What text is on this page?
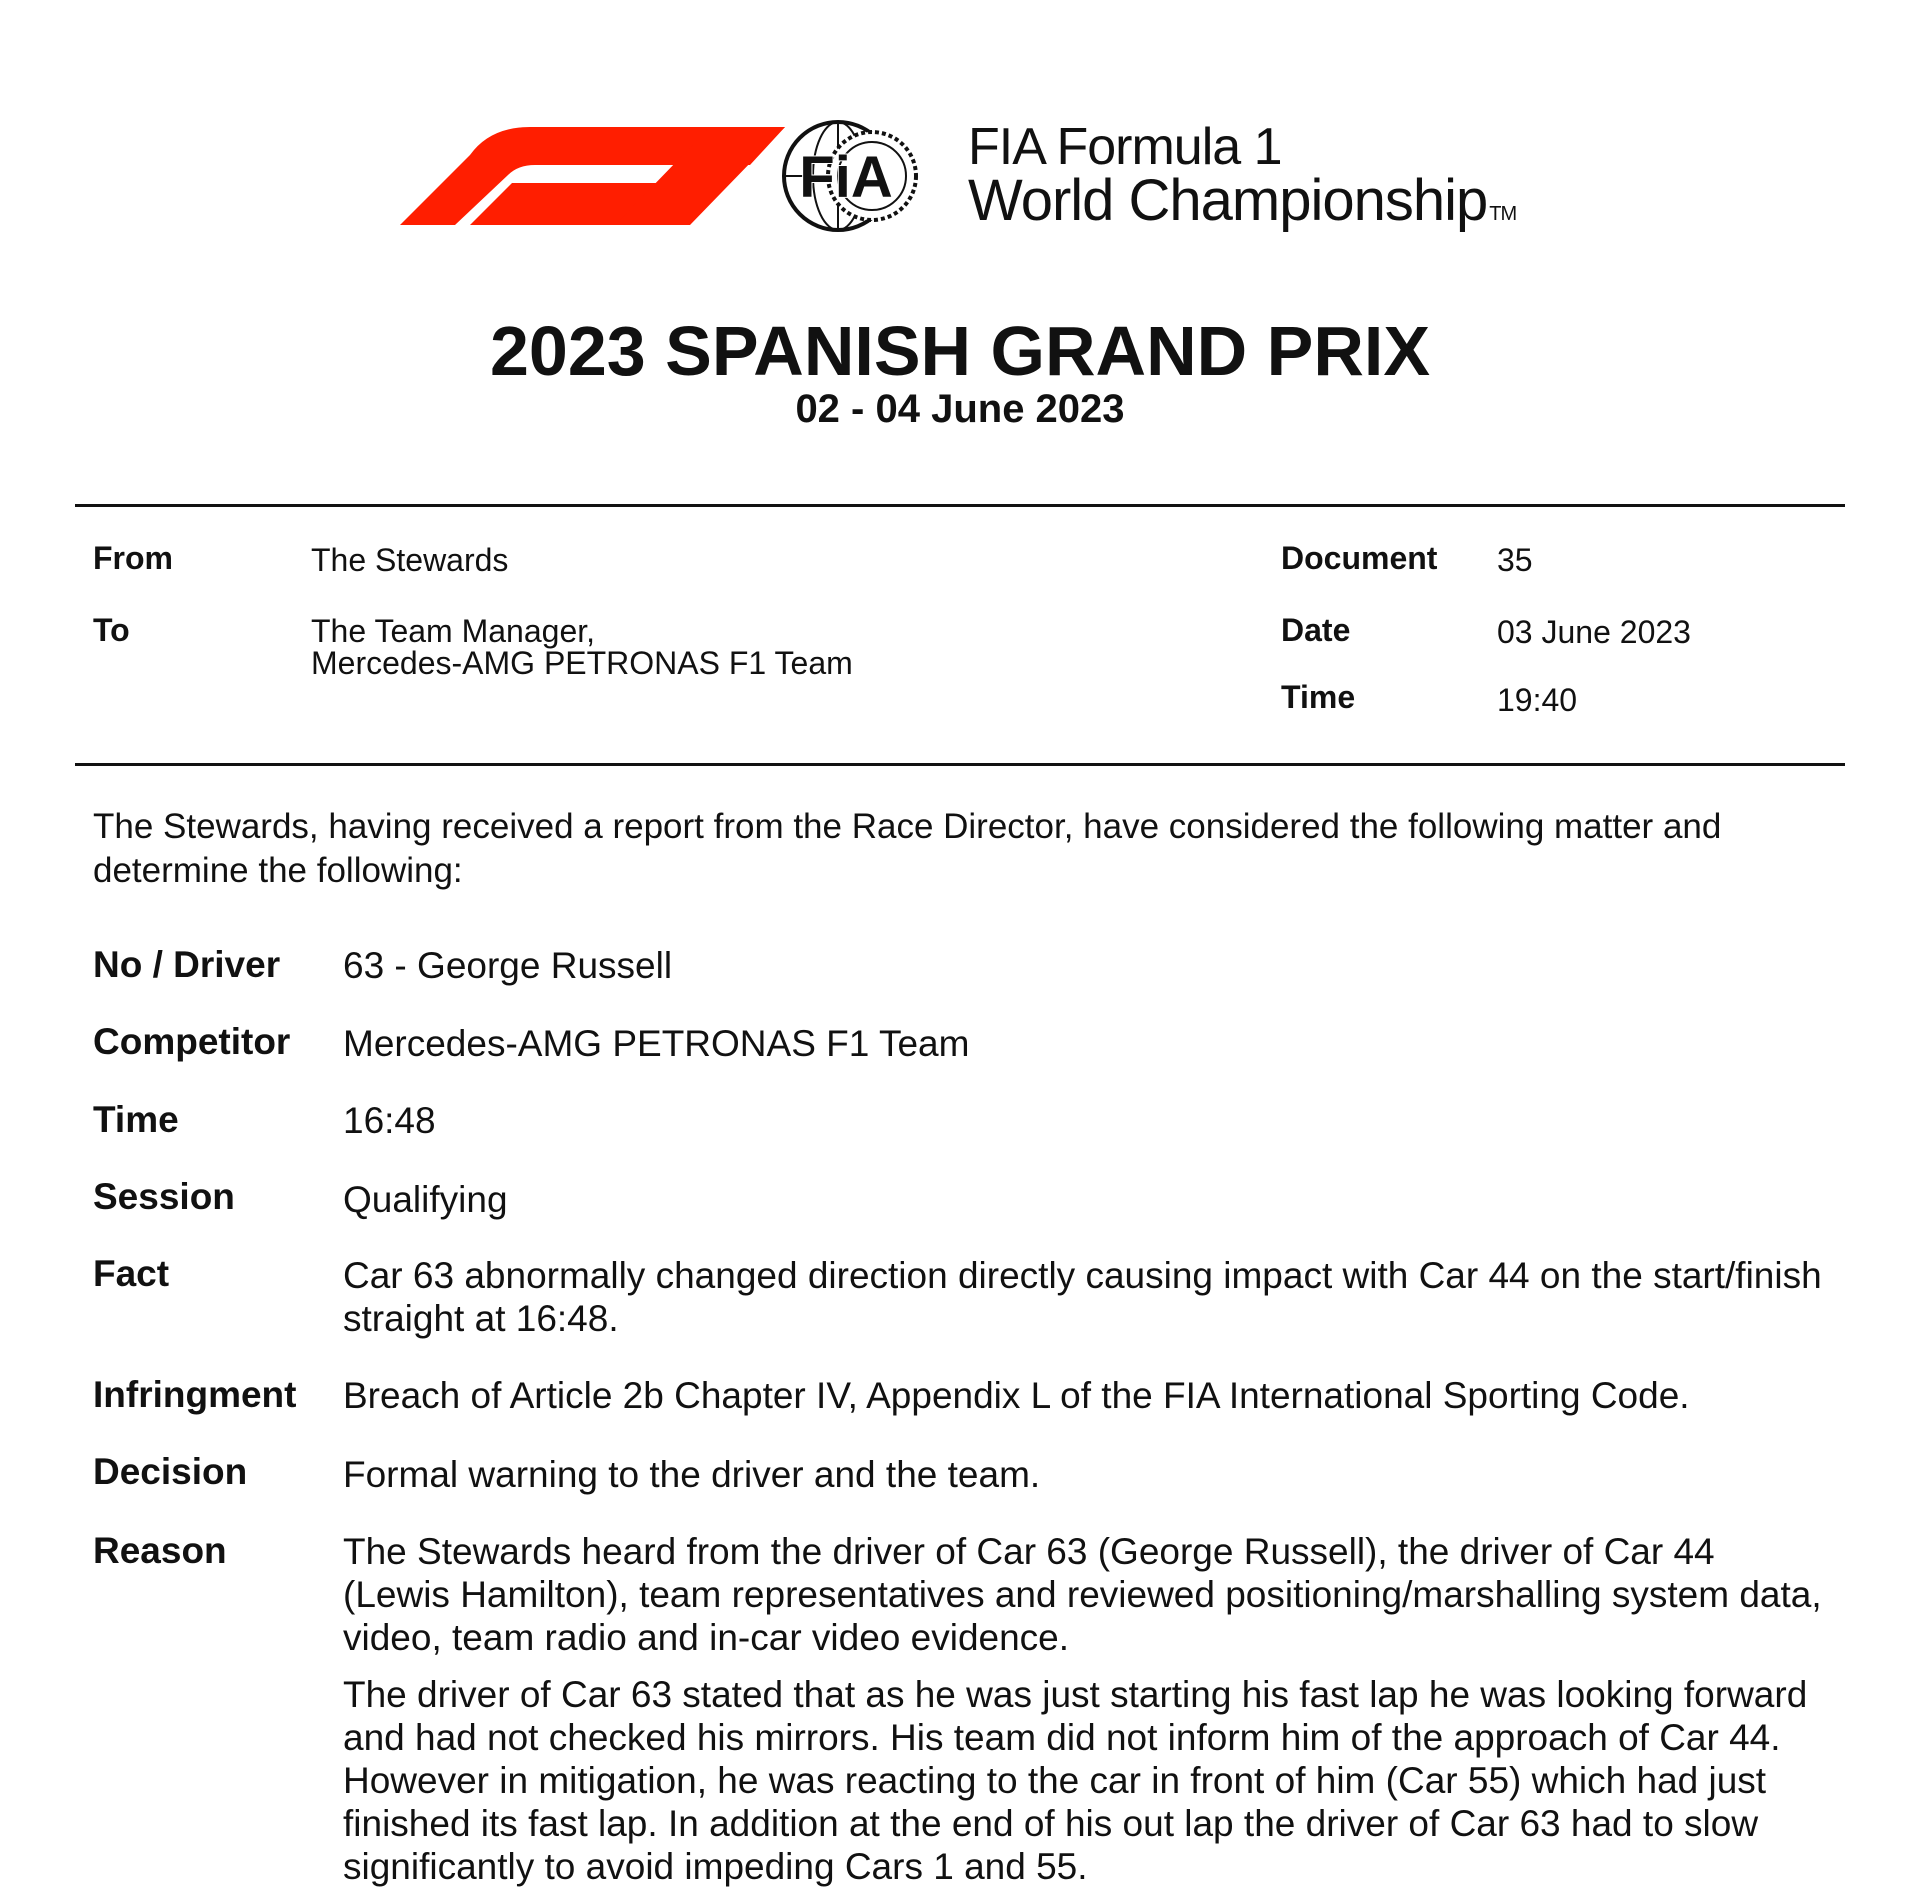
FiA FIA Formula 1
World Championship TM
2023 SPANISH GRAND PRIX
02 - 04 June 2023
From	The Stewards
To	The Team Manager,
Mercedes-AMG PETRONAS F1 Team
Document 35
Date	03 June 2023
Time	19:40
The Stewards, having received a report from the Race Director, have considered the following matter and determine the following:
No / Driver 63 - George Russell
Competitor Mercedes-AMG PETRONAS F1 Team
Time	16:48
Session	Qualifying
Fact	Car 63 abnormally changed direction directly causing impact with Car 44 on the start/finish straight at 16:48.
Infringment Breach of Article 2b Chapter IV, Appendix L of the FIA International Sporting Code.
Decision	Formal warning to the driver and the team.
Reason	The Stewards heard from the driver of Car 63 (George Russell), the driver of Car 44 (Lewis Hamilton), team representatives and reviewed positioning/marshalling system data, video, team radio and in-car video evidence.

The driver of Car 63 stated that as he was just starting his fast lap he was looking forward and had not checked his mirrors. His team did not inform him of the approach of Car 44. However in mitigation, he was reacting to the car in front of him (Car 55) which had just finished its fast lap. In addition at the end of his out lap the driver of Car 63 had to slow significantly to avoid impeding Cars 1 and 55.
